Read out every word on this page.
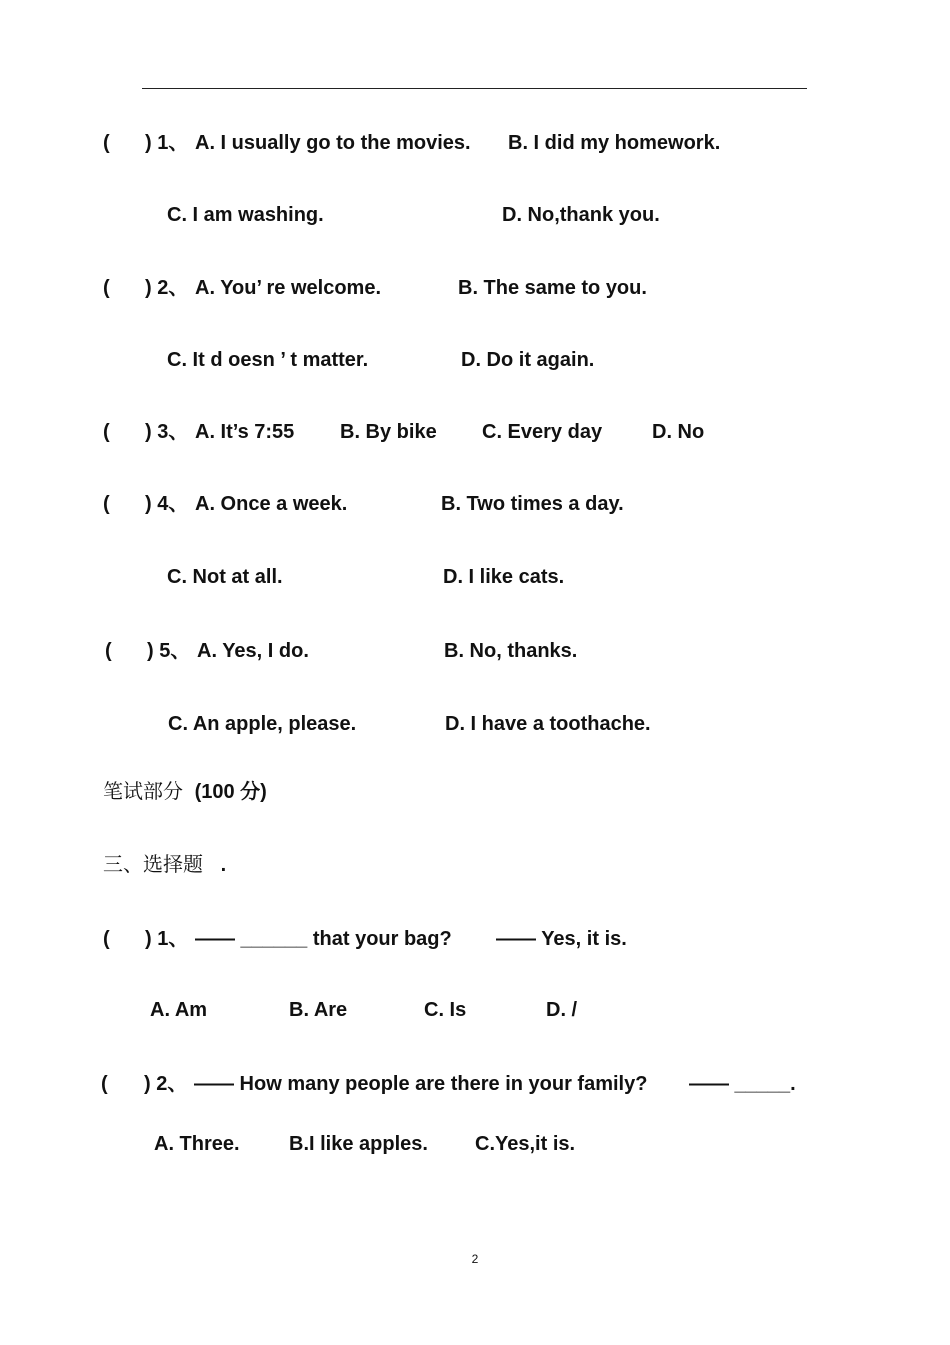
( ) 1、 A. I usually go to the movies. B. I did my homework.
C. I am washing.	D. No,thank you.
( ) 2、 A. You’ re welcome.	B. The same to you.
C. It d oesn ’ t matter.	D. Do it again.
( ) 3、 A. It’s 7:55 B. By bike C. Every day D. No
( ) 4、 A. Once a week.	B. Two times a day.
C. Not at all.	D. I like cats.
( ) 5、 A. Yes, I do.	B. No, thanks.
C. An apple, please.	D. I have a toothache.
笔试部分 (100 分)
三、选择题 .
( ) 1、 —— ______ that your bag? —— Yes, it is.
A. Am	B. Are	C. Is	D. /
( ) 2、 —— How many people are there in your family? —— _____.
A. Three. B.I like apples. C.Yes,it is.
2
